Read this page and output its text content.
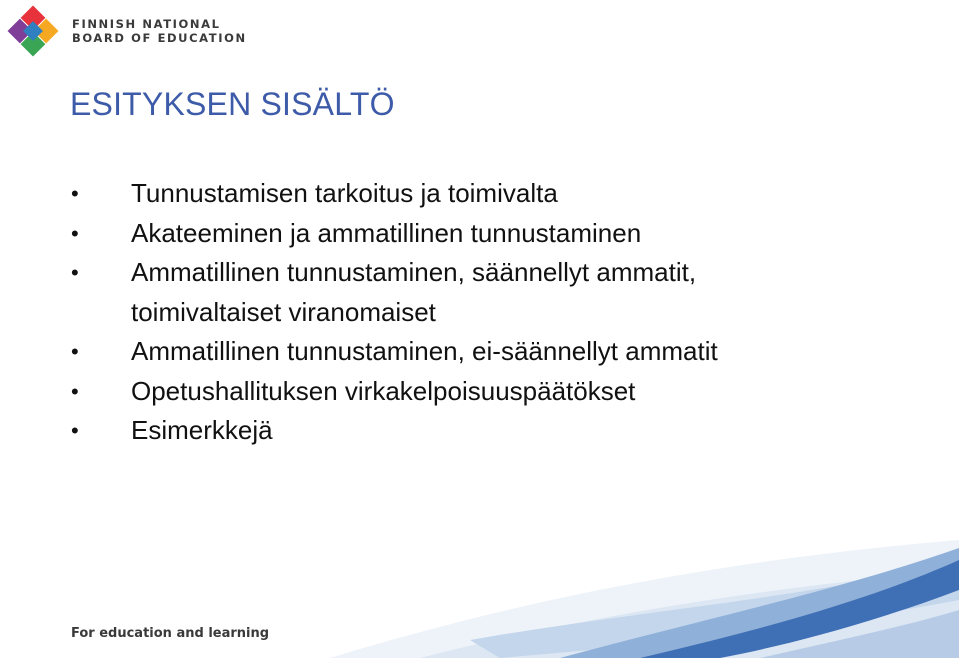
FINNISH NATIONAL
BOARD OF EDUCATION
ESITYKSEN SISÄLTÖ
• Tunnustamisen tarkoitus ja toimivalta
• Akateeminen ja ammatillinen tunnustaminen
• Ammatillinen tunnustaminen, säännellyt ammatit, toimivaltaiset viranomaiset
• Ammatillinen tunnustaminen, ei-säännellyt ammatit
• Opetushallituksen virkakelpoisuuspäätökset
• Esimerkkejä
For education and learning
